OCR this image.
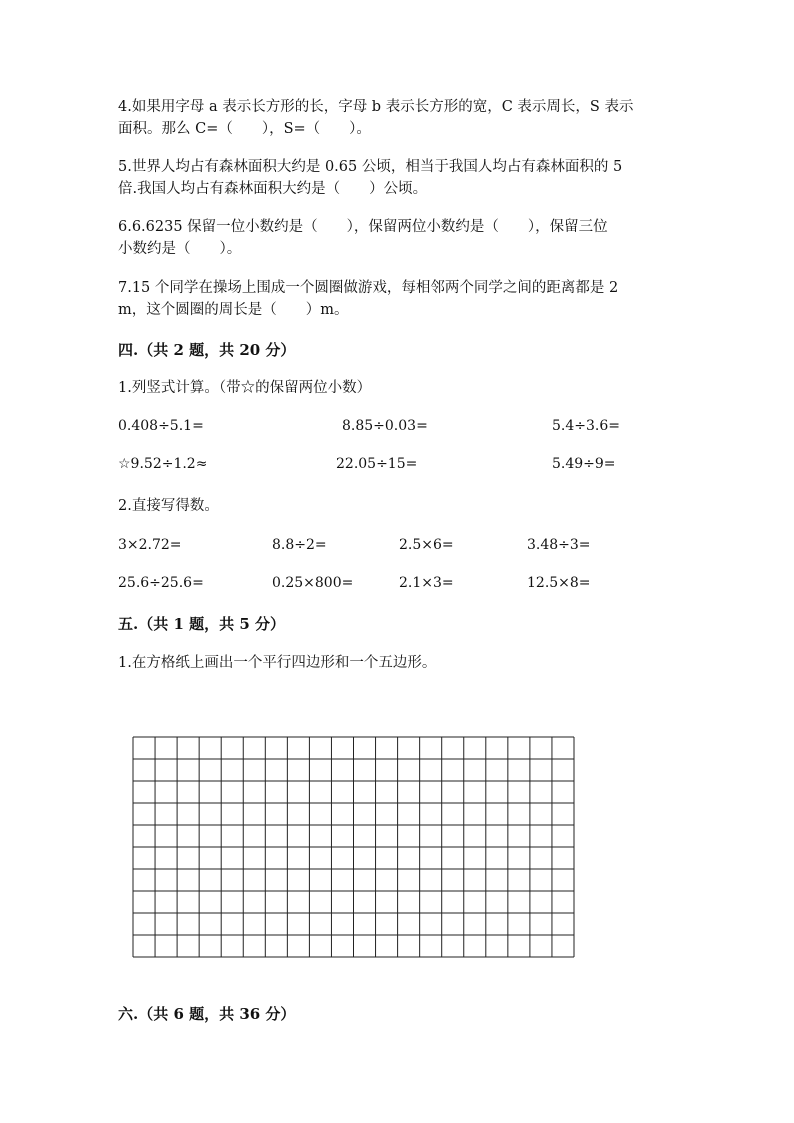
4.如果用字母 a 表示长方形的长，字母 b 表示长方形的宽，C 表示周长，S 表示
面积。那么 C=（　　），S=（　　）。

5.世界人均占有森林面积大约是 0.65 公顷，相当于我国人均占有森林面积的 5
倍.我国人均占有森林面积大约是（　　）公顷。

6.6.6235 保留一位小数约是（　　），保留两位小数约是（　　），保留三位
小数约是（　　）。

7.15 个同学在操场上围成一个圆圈做游戏，每相邻两个同学之间的距离都是 2
m，这个圆圈的周长是（　　）m。

四.（共 2 题，共 20 分）

1.列竖式计算。（带☆的保留两位小数）

0.408÷5.1=	8.85÷0.03=	5.4÷3.6=
☆9.52÷1.2≈	22.05÷15=	5.49÷9=

2.直接写得数。

3×2.72=	8.8÷2=	2.5×6=	3.48÷3=
25.6÷25.6=	0.25×800=	2.1×3=	12.5×8=

五.（共 1 题，共 5 分）

1.在方格纸上画出一个平行四边形和一个五边形。

六.（共 6 题，共 36 分）
